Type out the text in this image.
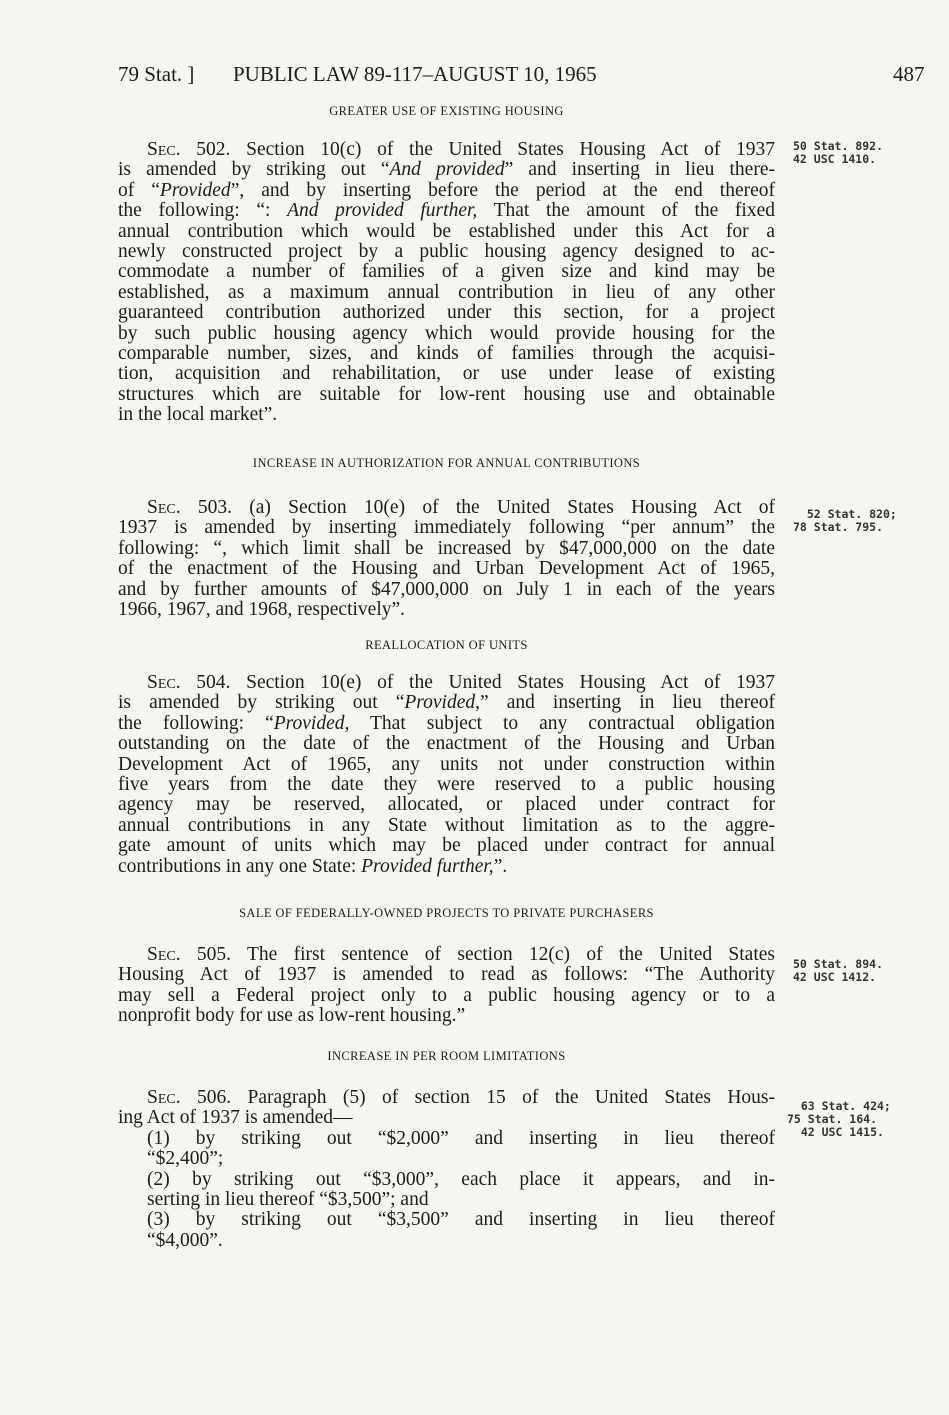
79 Stat. ] PUBLIC LAW 89-117–AUGUST 10, 1965	487
GREATER USE OF EXISTING HOUSING
Sec. 502. Section 10(c) of the United States Housing Act of 1937
is amended by striking out “And provided” and inserting in lieu there-
of “Provided”, and by inserting before the period at the end thereof
the following: “: And provided further, That the amount of the fixed
annual contribution which would be established under this Act for a
newly constructed project by a public housing agency designed to ac-
commodate a number of families of a given size and kind may be
established, as a maximum annual contribution in lieu of any other
guaranteed contribution authorized under this section, for a project
by such public housing agency which would provide housing for the
comparable number, sizes, and kinds of families through the acquisi-
tion, acquisition and rehabilitation, or use under lease of existing
structures which are suitable for low-rent housing use and obtainable
in the local market”.
50 Stat. 892.
42 USC 1410.
INCREASE IN AUTHORIZATION FOR ANNUAL CONTRIBUTIONS
Sec. 503. (a) Section 10(e) of the United States Housing Act of
1937 is amended by inserting immediately following “per annum” the
following: “, which limit shall be increased by $47,000,000 on the date
of the enactment of the Housing and Urban Development Act of 1965,
and by further amounts of $47,000,000 on July 1 in each of the years
1966, 1967, and 1968, respectively”.
52 Stat. 820;
78 Stat. 795.
REALLOCATION OF UNITS
Sec. 504. Section 10(e) of the United States Housing Act of 1937
is amended by striking out “Provided,” and inserting in lieu thereof
the following: “Provided, That subject to any contractual obligation
outstanding on the date of the enactment of the Housing and Urban
Development Act of 1965, any units not under construction within
five years from the date they were reserved to a public housing
agency may be reserved, allocated, or placed under contract for
annual contributions in any State without limitation as to the aggre-
gate amount of units which may be placed under contract for annual
contributions in any one State: Provided further,”.
SALE OF FEDERALLY-OWNED PROJECTS TO PRIVATE PURCHASERS
Sec. 505. The first sentence of section 12(c) of the United States
Housing Act of 1937 is amended to read as follows: “The Authority
may sell a Federal project only to a public housing agency or to a
nonprofit body for use as low-rent housing.”
50 Stat. 894.
42 USC 1412.
INCREASE IN PER ROOM LIMITATIONS
Sec. 506. Paragraph (5) of section 15 of the United States Hous-
ing Act of 1937 is amended—
(1) by striking out “$2,000” and inserting in lieu thereof
“$2,400”;
(2) by striking out “$3,000”, each place it appears, and in-
serting in lieu thereof “$3,500”; and
(3) by striking out “$3,500” and inserting in lieu thereof
“$4,000”.
63 Stat. 424;
75 Stat. 164.
42 USC 1415.
